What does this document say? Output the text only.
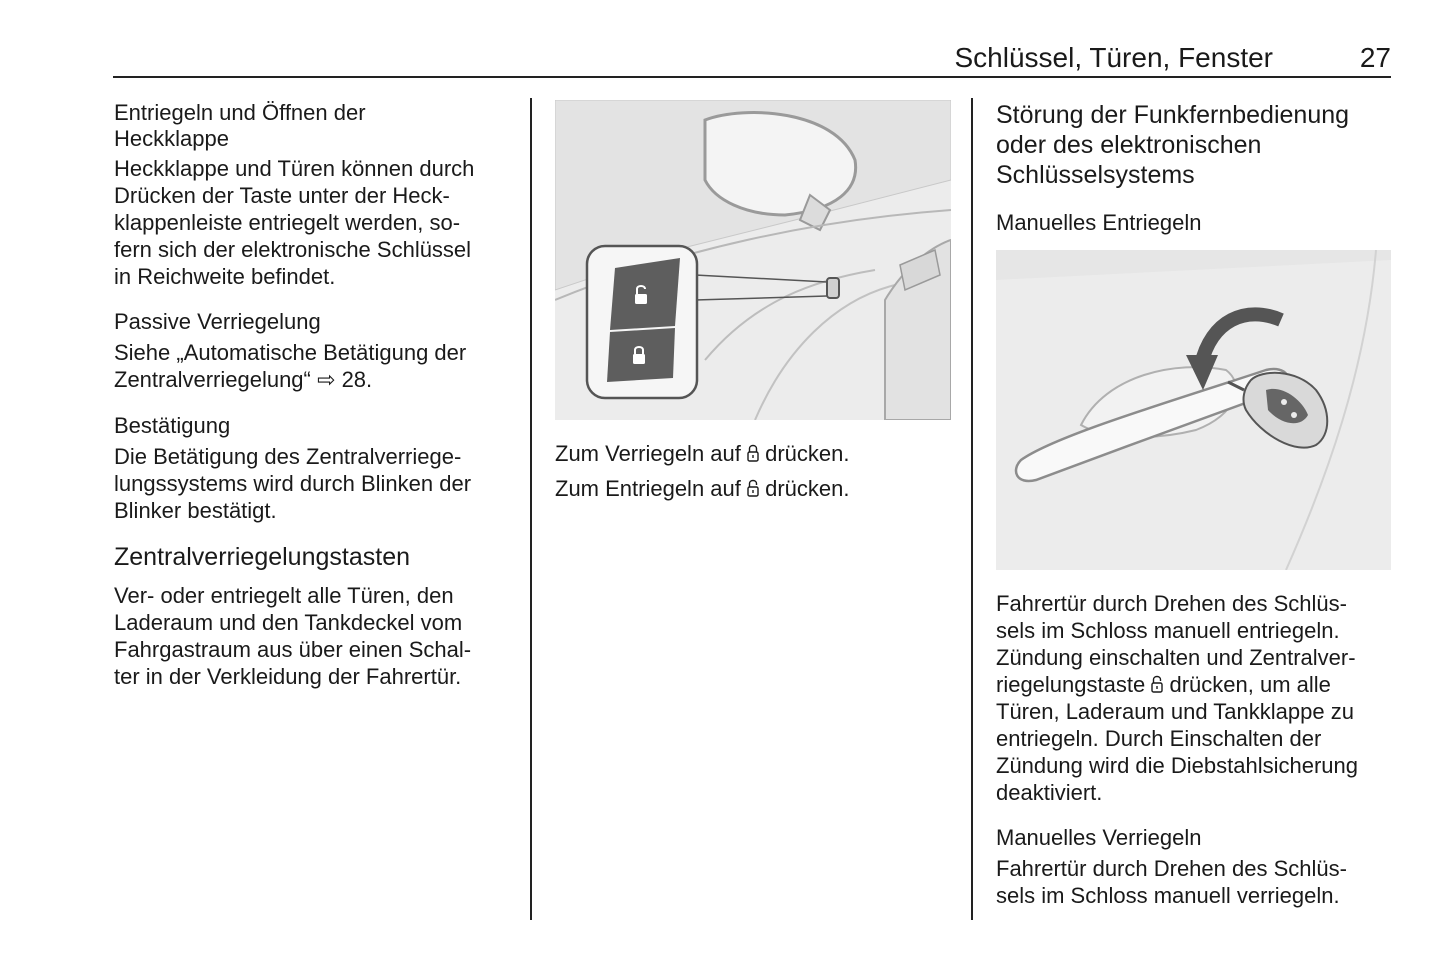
Schlüssel, Türen, Fenster	27
Entriegeln und Öffnen der Heckklappe

Heckklappe und Türen können durch

Drücken der Taste unter der Heck-

klappenleiste entriegelt werden, so-

fern sich der elektronische Schlüssel

in Reichweite befindet.

Passive Verriegelung

Siehe „Automatische Betätigung der

Zentralverriegelung“ ⇨ 28.

Bestätigung

Die Betätigung des Zentralverriege-

lungssystems wird durch Blinken der

Blinker bestätigt.

Zentralverriegelungstasten

Ver- oder entriegelt alle Türen, den

Laderaum und den Tankdeckel vom

Fahrgastraum aus über einen Schal-

ter in der Verkleidung der Fahrertür.

Zum Verriegeln auf drücken.

Zum Entriegeln auf drücken.

Störung der Funkfernbedienung oder des elektronischen Schlüsselsystems
Manuelles Entriegeln

Fahrertür durch Drehen des Schlüs-

sels im Schloss manuell entriegeln.

Zündung einschalten und Zentralver-

riegelungstaste drücken, um alle

Türen, Laderaum und Tankklappe zu

entriegeln. Durch Einschalten der

Zündung wird die Diebstahlsicherung

deaktiviert.

Manuelles Verriegeln

Fahrertür durch Drehen des Schlüs-

sels im Schloss manuell verriegeln.
